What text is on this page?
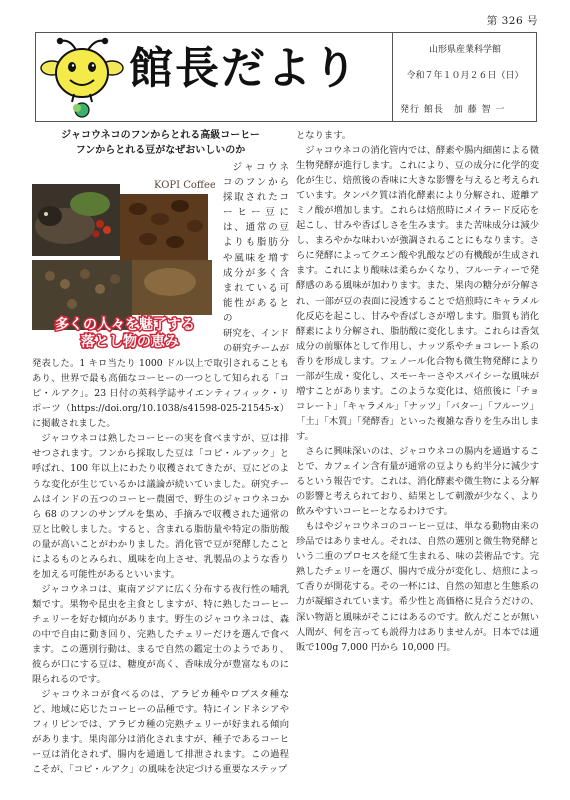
第 326 号
館長だより	山形県産業科学館
令和７年１０月２６日（日）
発行 館長　加 藤 智 一
ジャコウネコのフンからとれる高級コーヒー
フンからとれる豆がなぜおいしいのか
KOPI Coffee
多くの人々を魅了する
落とし物の恵み

ジャコウネコのフンから採取されたコーヒー豆には、通常の豆よりも脂肪分や風味を増す成分が多く含まれている可能性があるとの

研究を、インドの研究チームが発表した。1 キロ当たり 1000 ドル以上で取引されることもあり、世界で最も高価なコーヒーの一つとして知られる「コピ・ルアク」。23 日付の英科学誌サイエンティフィック・リポーツ（https://doi.org/10.1038/s41598-025-21545-x）に掲載されました。

ジャコウネコは熟したコーヒーの実を食べますが、豆は排せつされます。フンから採取した豆は「コピ・ルアック」と呼ばれ、100 年以上にわたり収穫されてきたが、豆にどのような変化が生じているかは議論が続いていました。研究チームはインドの五つのコーヒー農園で、野生のジャコウネコから 68 のフンのサンプルを集め、手摘みで収穫された通常の豆と比較しました。すると、含まれる脂肪量や特定の脂肪酸の量が高いことがわかりました。消化管で豆が発酵したことによるものとみられ、風味を向上させ、乳製品のような香りを加える可能性があるといいます。

ジャコウネコは、東南アジアに広く分布する夜行性の哺乳類です。果物や昆虫を主食としますが、特に熟したコーヒーチェリーを好む傾向があります。野生のジャコウネコは、森の中で自由に動き回り、完熟したチェリーだけを選んで食べます。この選別行動は、まるで自然の鑑定士のようであり、彼らが口にする豆は、糖度が高く、香味成分が豊富なものに限られるのです。

ジャコウネコが食べるのは、アラビカ種やロブスタ種など、地域に応じたコーヒーの品種です。特にインドネシアやフィリピンでは、アラビカ種の完熟チェリーが好まれる傾向があります。果肉部分は消化されますが、種子であるコーヒー豆は消化されず、腸内を通過して排泄されます。この過程こそが、「コピ・ルアク」の風味を決定づける重要なステップ

となります。

ジャコウネコの消化管内では、酵素や腸内細菌による微生物発酵が進行します。これにより、豆の成分に化学的変化が生じ、焙煎後の香味に大きな影響を与えると考えられています。タンパク質は消化酵素により分解され、遊離アミノ酸が増加します。これらは焙煎時にメイラード反応を起こし、甘みや香ばしさを生みます。また苦味成分は減少し、まろやかな味わいが強調されることにもなります。さらに発酵によってクエン酸や乳酸などの有機酸が生成されます。これにより酸味は柔らかくなり、フルーティーで発酵感のある風味が加わります。また、果肉の糖分が分解され、一部が豆の表面に浸透することで焙煎時にキャラメル化反応を起こし、甘みや香ばしさが増します。脂質も消化酵素により分解され、脂肪酸に変化します。これらは香気成分の前駆体として作用し、ナッツ系やチョコレート系の香りを形成します。フェノール化合物も微生物発酵により一部が生成・変化し、スモーキーさやスパイシーな風味が増すことがあります。このような変化は、焙煎後に「チョコレート」「キャラメル」「ナッツ」「バター」「フルーツ」「土」「木質」「発酵香」といった複雑な香りを生み出します。

さらに興味深いのは、ジャコウネコの腸内を通過することで、カフェイン含有量が通常の豆よりも約半分に減少するという報告です。これは、消化酵素や微生物による分解の影響と考えられており、結果として刺激が少なく、より飲みやすいコーヒーとなるわけです。

もはやジャコウネコのコーヒー豆は、単なる動物由来の珍品ではありません。それは、自然の選別と微生物発酵という二重のプロセスを経て生まれる、味の芸術品です。完熟したチェリーを選び、腸内で成分が変化し、焙煎によって香りが開花する。その一杯には、自然の知恵と生態系の力が凝縮されています。希少性と高価格に見合うだけの、深い物語と風味がそこにはあるのです。飲んだことが無い人間が、何を言っても説得力はありませんが。日本では通販で100g 7,000 円から 10,000 円。
